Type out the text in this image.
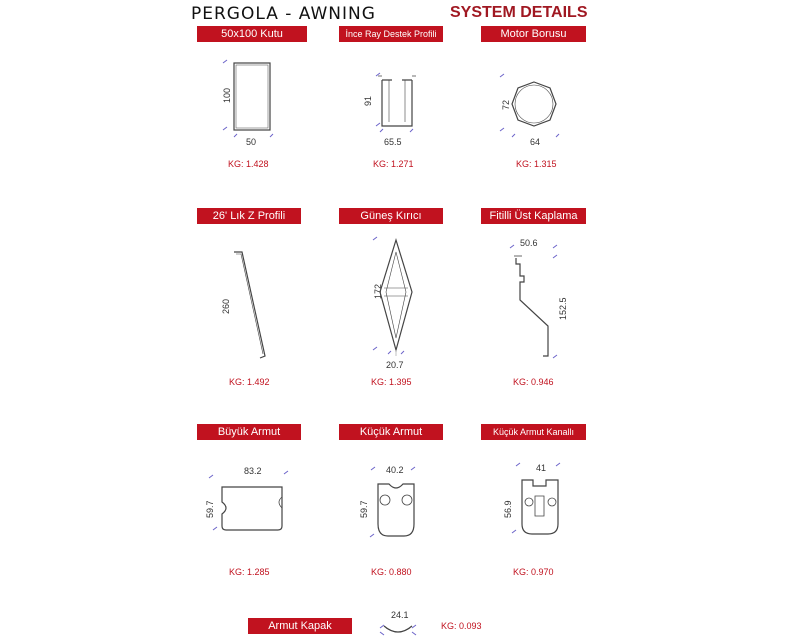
PERGOLA - AWNING	SYSTEM DETAILS
50x100 Kutu	İnce Ray Destek Profili	Motor Borusu
26' Lık Z Profili	Güneş Kırıcı	Fitilli Üst Kaplama
Büyük Armut	Küçük Armut	Küçük Armut Kanallı
Armut Kapak
KG: 1.428	KG: 1.271	KG: 1.315
KG: 1.492	KG: 1.395	KG: 0.946
KG: 1.285	KG: 0.880	KG: 0.970
KG: 0.093
100
50
91
65.5
72
64
260
172
20.7
50.6
152.5
83.2
59.7
40.2
59.7
41
56.9
24.1
